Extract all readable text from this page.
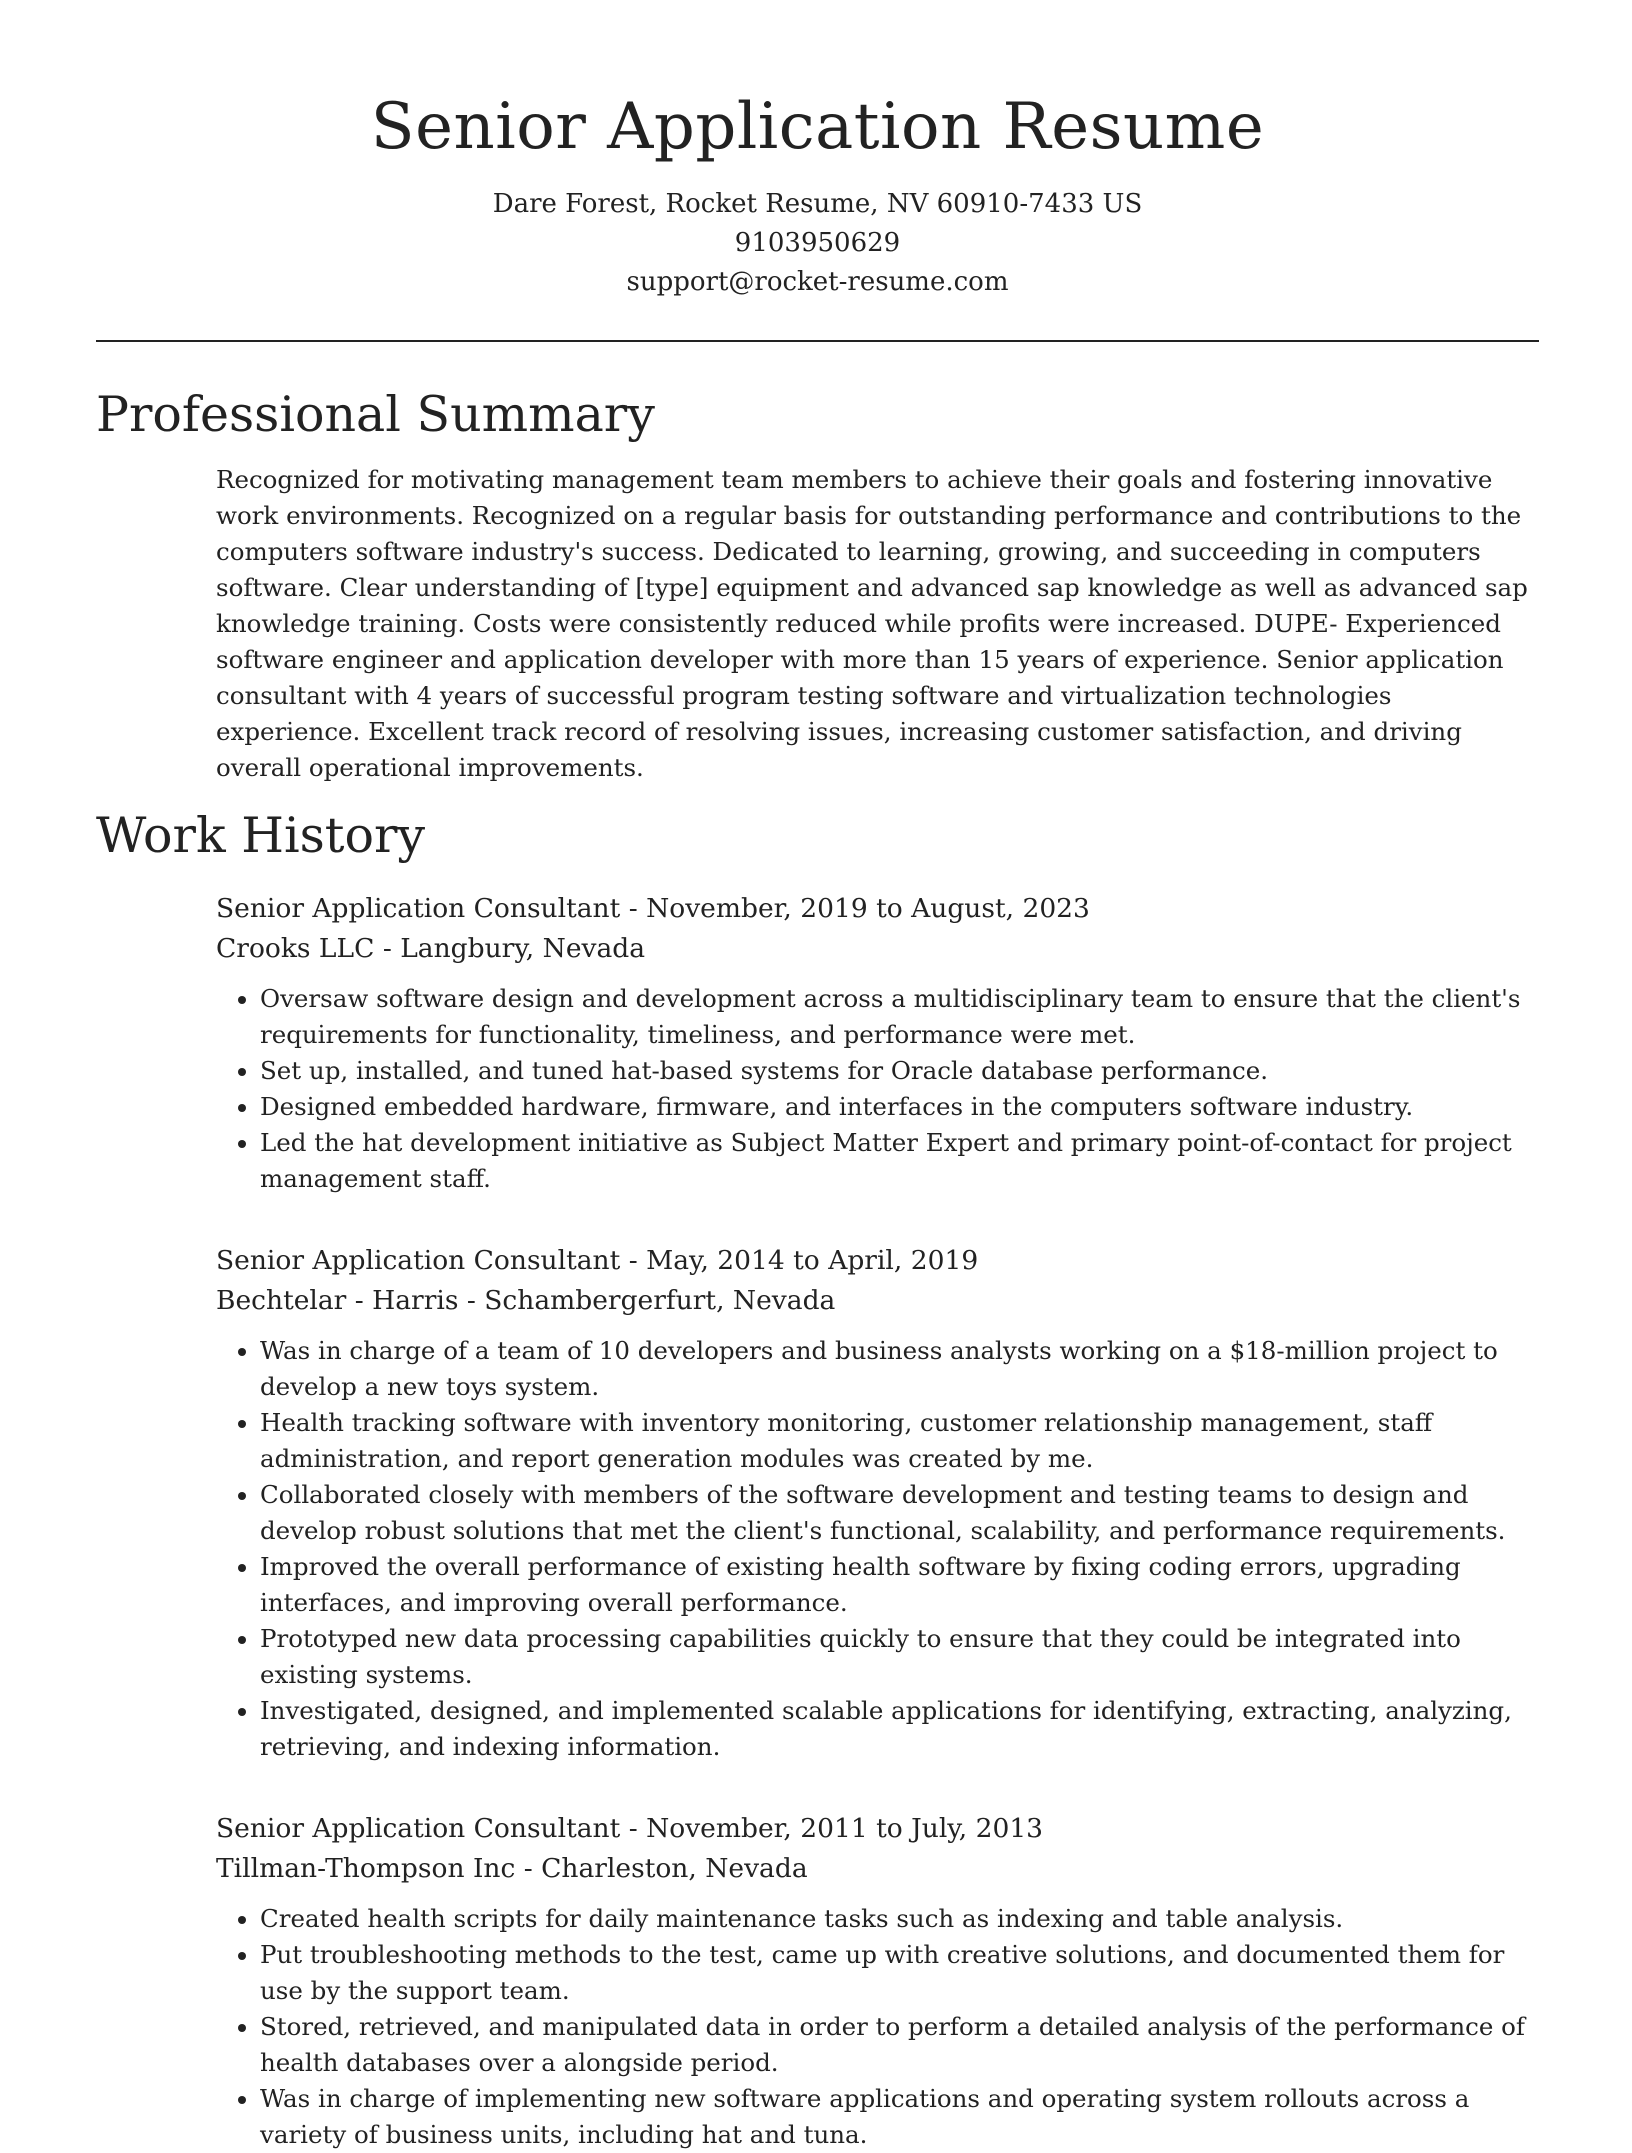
Senior Application Resume

Dare Forest, Rocket Resume, NV 60910-7433 US

9103950629

support@rocket-resume.com

Professional Summary

Recognized for motivating management team members to achieve their goals and fostering innovative work environments. Recognized on a regular basis for outstanding performance and contributions to the computers software industry's success. Dedicated to learning, growing, and succeeding in computers software. Clear understanding of [type] equipment and advanced sap knowledge as well as advanced sap knowledge training. Costs were consistently reduced while profits were increased. DUPE- Experienced software engineer and application developer with more than 15 years of experience. Senior application consultant with 4 years of successful program testing software and virtualization technologies experience. Excellent track record of resolving issues, increasing customer satisfaction, and driving overall operational improvements.

Work History

Senior Application Consultant - November, 2019 to August, 2023

Crooks LLC - Langbury, Nevada

• Oversaw software design and development across a multidisciplinary team to ensure that the client's requirements for functionality, timeliness, and performance were met.
• Set up, installed, and tuned hat-based systems for Oracle database performance.
• Designed embedded hardware, firmware, and interfaces in the computers software industry.
• Led the hat development initiative as Subject Matter Expert and primary point-of-contact for project management staff.

Senior Application Consultant - May, 2014 to April, 2019

Bechtelar - Harris - Schambergerfurt, Nevada

• Was in charge of a team of 10 developers and business analysts working on a $18-million project to develop a new toys system.
• Health tracking software with inventory monitoring, customer relationship management, staff administration, and report generation modules was created by me.
• Collaborated closely with members of the software development and testing teams to design and develop robust solutions that met the client's functional, scalability, and performance requirements.
• Improved the overall performance of existing health software by fixing coding errors, upgrading interfaces, and improving overall performance.
• Prototyped new data processing capabilities quickly to ensure that they could be integrated into existing systems.
• Investigated, designed, and implemented scalable applications for identifying, extracting, analyzing, retrieving, and indexing information.

Senior Application Consultant - November, 2011 to July, 2013

Tillman-Thompson Inc - Charleston, Nevada

• Created health scripts for daily maintenance tasks such as indexing and table analysis.
• Put troubleshooting methods to the test, came up with creative solutions, and documented them for use by the support team.
• Stored, retrieved, and manipulated data in order to perform a detailed analysis of the performance of health databases over a alongside period.
• Was in charge of implementing new software applications and operating system rollouts across a variety of business units, including hat and tuna.
